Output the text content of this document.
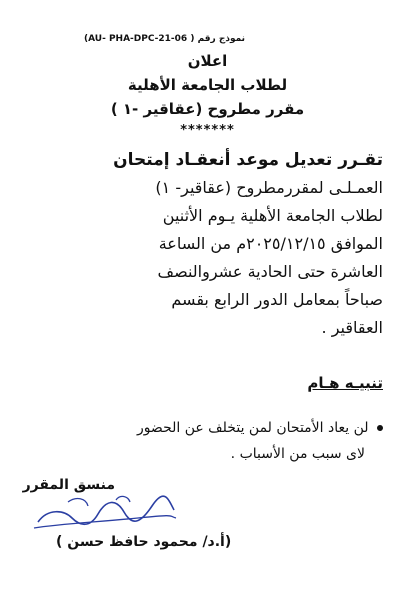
نموذج رقم ( AU- PHA-DPC-21-06)
اعلان
لطلاب الجامعة الأهلية
مقرر مطروح (عقاقير -١ )
*******
تقـرر تعديل موعد أنعقـاد إمتحان
العمـلـى لمقررمطروح (عقاقير- ١)
لطلاب الجامعة الأهلية يـوم الأثنين
الموافق ٢٠٢٥/١٢/١٥م من الساعة
العاشرة حتى الحادية عشروالنصف
صباحاً بمعامل الدور الرابع بقسم
العقاقير .
تنبيـه هـام
لن يعاد الأمتحان لمن يتخلف عن الحضور
لاى سبب من الأسباب .
منسق المقرر
(أ.د/ محمود حافظ حسن )
